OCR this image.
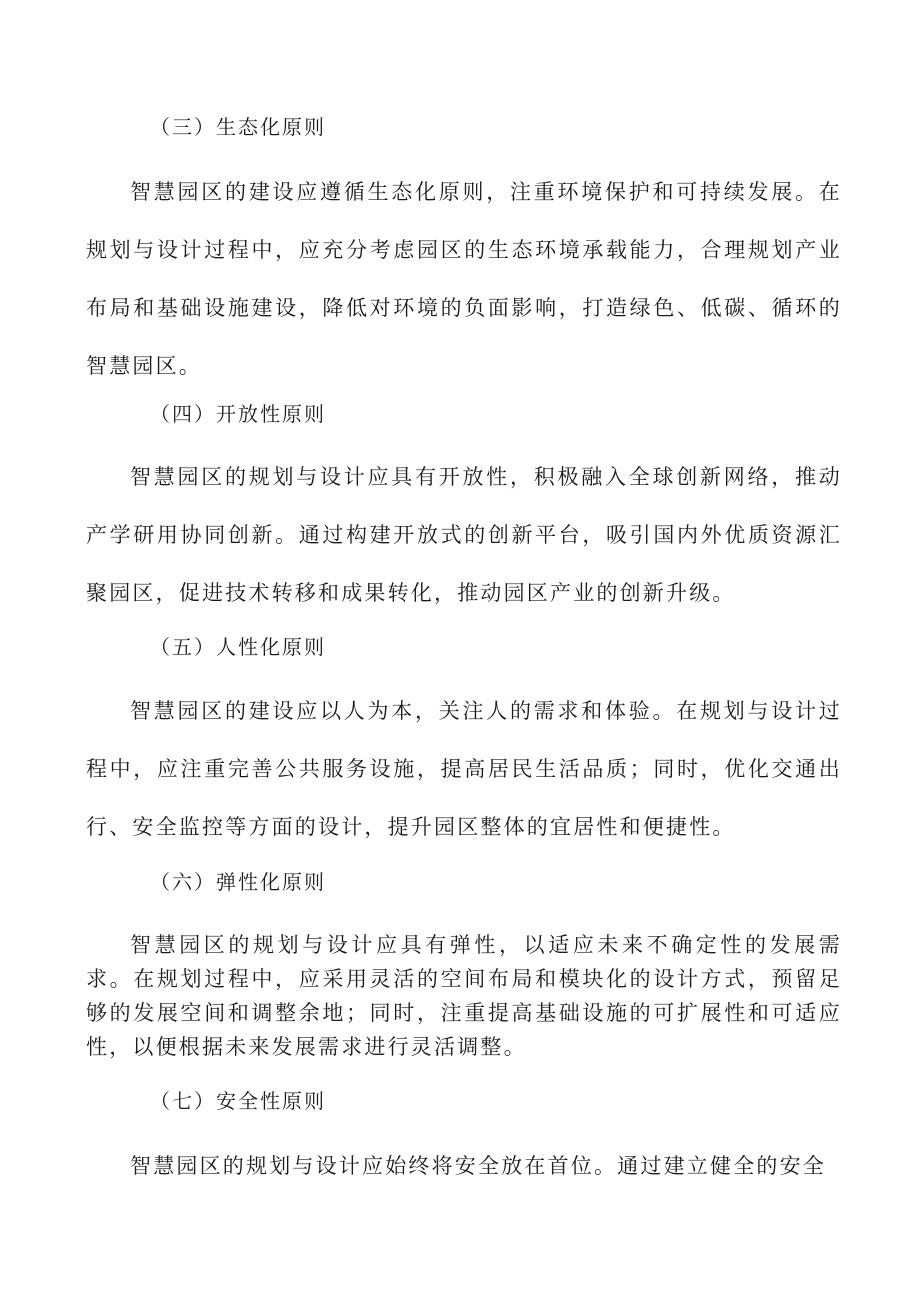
（三）生态化原则
智慧园区的建设应遵循生态化原则，注重环境保护和可持续发展。在规划与设计过程中，应充分考虑园区的生态环境承载能力，合理规划产业布局和基础设施建设，降低对环境的负面影响，打造绿色、低碳、循环的智慧园区。
（四）开放性原则
智慧园区的规划与设计应具有开放性，积极融入全球创新网络，推动产学研用协同创新。通过构建开放式的创新平台，吸引国内外优质资源汇聚园区，促进技术转移和成果转化，推动园区产业的创新升级。
（五）人性化原则
智慧园区的建设应以人为本，关注人的需求和体验。在规划与设计过程中，应注重完善公共服务设施，提高居民生活品质；同时，优化交通出行、安全监控等方面的设计，提升园区整体的宜居性和便捷性。
（六）弹性化原则
智慧园区的规划与设计应具有弹性，以适应未来不确定性的发展需求。在规划过程中，应采用灵活的空间布局和模块化的设计方式，预留足够的发展空间和调整余地；同时，注重提高基础设施的可扩展性和可适应性，以便根据未来发展需求进行灵活调整。
（七）安全性原则
智慧园区的规划与设计应始终将安全放在首位。通过建立健全的安全
